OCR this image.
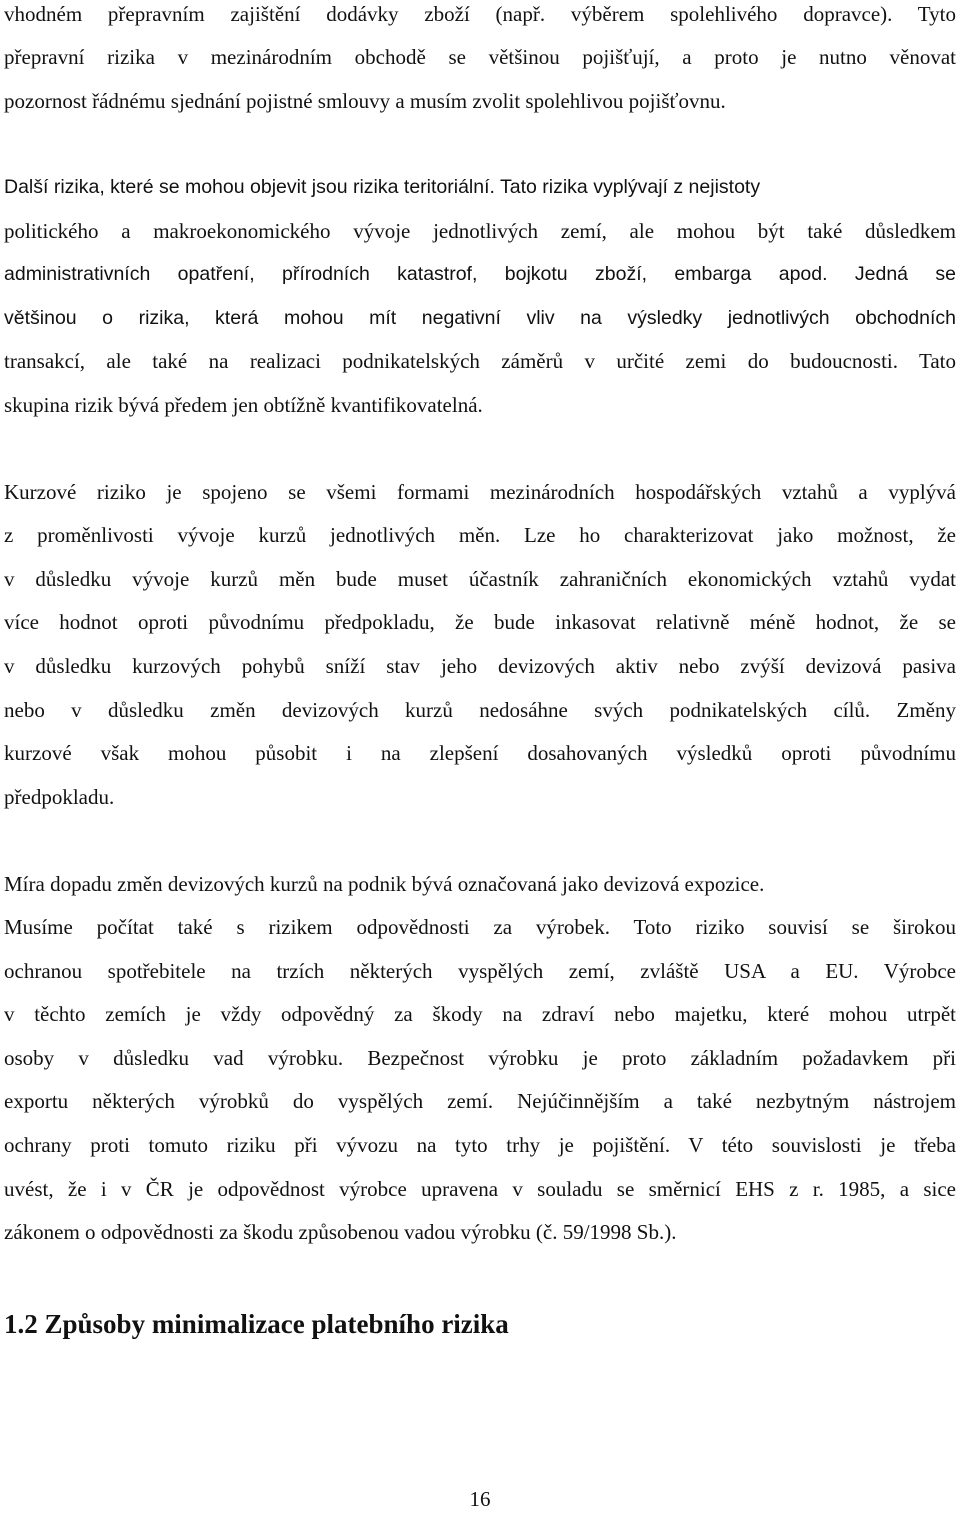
vhodném přepravním zajištění dodávky zboží (např. výběrem spolehlivého dopravce). Tyto
přepravní rizika v mezinárodním obchodě se většinou pojišťují, a proto je nutno věnovat
pozornost řádnému sjednání pojistné smlouvy a musím zvolit spolehlivou pojišťovnu.
Další rizika, které se mohou objevit jsou rizika teritoriální. Tato rizika vyplývají z nejistoty
politického a makroekonomického vývoje jednotlivých zemí, ale mohou být také důsledkem
administrativních opatření, přírodních katastrof, bojkotu zboží, embarga apod. Jedná se
většinou o rizika, která mohou mít negativní vliv na výsledky jednotlivých obchodních
transakcí, ale také na realizaci podnikatelských záměrů v určité zemi do budoucnosti. Tato
skupina rizik bývá předem jen obtížně kvantifikovatelná.
Kurzové riziko je spojeno se všemi formami mezinárodních hospodářských vztahů a vyplývá
z proměnlivosti vývoje kurzů jednotlivých měn. Lze ho charakterizovat jako možnost, že
v důsledku vývoje kurzů měn bude muset účastník zahraničních ekonomických vztahů vydat
více hodnot oproti původnímu předpokladu, že bude inkasovat relativně méně hodnot, že se
v důsledku kurzových pohybů sníží stav jeho devizových aktiv nebo zvýší devizová pasiva
nebo v důsledku změn devizových kurzů nedosáhne svých podnikatelských cílů. Změny
kurzové však mohou působit i na zlepšení dosahovaných výsledků oproti původnímu
předpokladu.
Míra dopadu změn devizových kurzů na podnik bývá označovaná jako devizová expozice.
Musíme počítat také s rizikem odpovědnosti za výrobek. Toto riziko souvisí se širokou
ochranou spotřebitele na trzích některých vyspělých zemí, zvláště USA a EU. Výrobce
v těchto zemích je vždy odpovědný za škody na zdraví nebo majetku, které mohou utrpět
osoby v důsledku vad výrobku. Bezpečnost výrobku je proto základním požadavkem při
exportu některých výrobků do vyspělých zemí. Nejúčinnějším a také nezbytným nástrojem
ochrany proti tomuto riziku při vývozu na tyto trhy je pojištění. V této souvislosti je třeba
uvést, že i v ČR je odpovědnost výrobce upravena v souladu se směrnicí EHS z r. 1985, a sice
zákonem o odpovědnosti za škodu způsobenou vadou výrobku (č. 59/1998 Sb.).
1.2 Způsoby minimalizace platebního rizika
16
